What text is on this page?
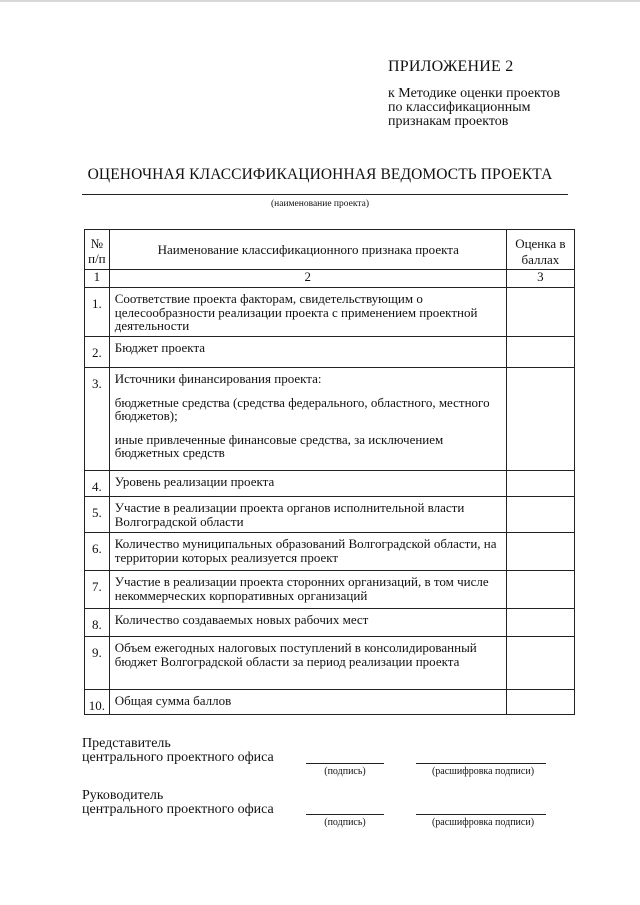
ПРИЛОЖЕНИЕ 2
к Методике оценки проектов
по классификационным
признакам проектов
ОЦЕНОЧНАЯ КЛАССИФИКАЦИОННАЯ ВЕДОМОСТЬ ПРОЕКТА
(наименование проекта)
№ п/п	Наименование классификационного признака проекта	Оценка в
баллах

1	2	3
1.	Соответствие проекта факторам, свидетельствующим о целесообразности реализации проекта с применением проектной деятельности	
2.	Бюджет проекта	
3.	Источники финансирования проекта:
бюджетные средства (средства федерального, областного, местного бюджетов);
иные привлеченные финансовые средства, за исключением бюджетных средств	

4.	Уровень реализации проекта	
5.	Участие в реализации проекта органов исполнительной власти Волгоградской области	
6.	Количество муниципальных образований Волгоградской области, на территории которых реализуется проект	
7.	Участие в реализации проекта сторонних организаций, в том числе некоммерческих корпоративных организаций	
8.	Количество создаваемых новых рабочих мест	
9.	Объем ежегодных налоговых поступлений в консолидированный бюджет Волгоградской области за период реализации проекта	
10.	Общая сумма баллов	
Представитель
центрального проектного офиса
(подпись)	(расшифровка подписи)
Руководитель
центрального проектного офиса
(подпись)	(расшифровка подписи)
